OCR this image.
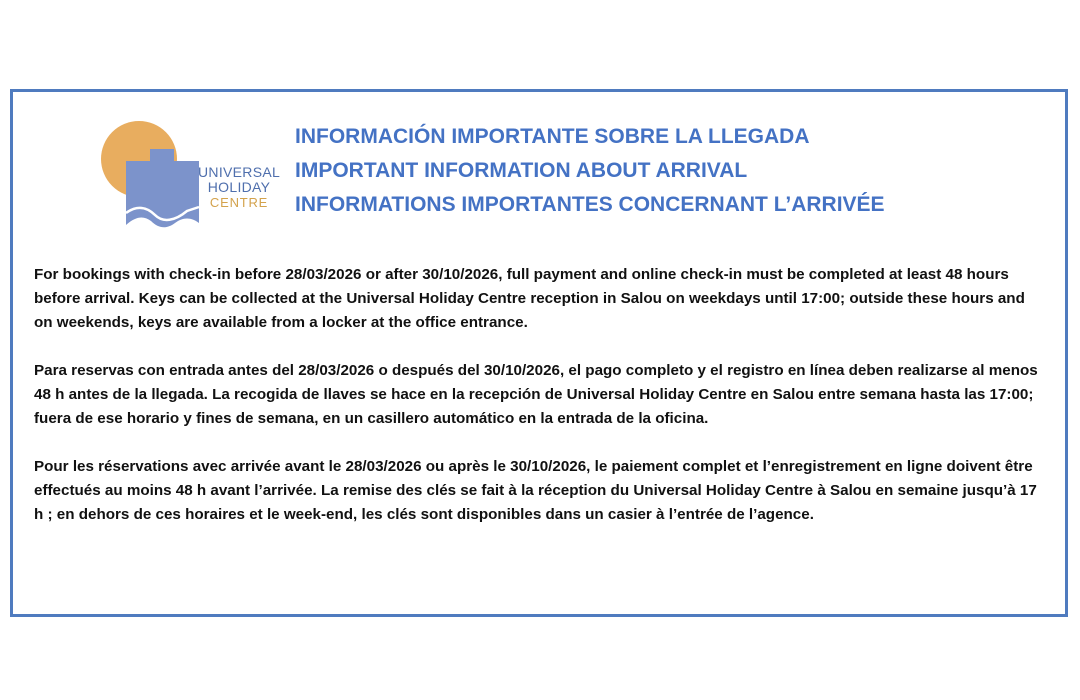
UNIVERSAL
HOLIDAY
CENTRE
INFORMACIÓN IMPORTANTE SOBRE LA LLEGADA
IMPORTANT INFORMATION ABOUT ARRIVAL
INFORMATIONS IMPORTANTES CONCERNANT L’ARRIVÉE

For bookings with check-in before 28/03/2026 or after 30/10/2026, full payment and online check-in must be completed at least 48 hours before arrival. Keys can be collected at the Universal Holiday Centre reception in Salou on weekdays until 17:00; outside these hours and on weekends, keys are available from a locker at the office entrance.

Para reservas con entrada antes del 28/03/2026 o después del 30/10/2026, el pago completo y el registro en línea deben realizarse al menos 48 h antes de la llegada. La recogida de llaves se hace en la recepción de Universal Holiday Centre en Salou entre semana hasta las 17:00; fuera de ese horario y fines de semana, en un casillero automático en la entrada de la oficina.

Pour les réservations avec arrivée avant le 28/03/2026 ou après le 30/10/2026, le paiement complet et l’enregistrement en ligne doivent être effectués au moins 48 h avant l’arrivée. La remise des clés se fait à la réception du Universal Holiday Centre à Salou en semaine jusqu’à 17 h ; en dehors de ces horaires et le week-end, les clés sont disponibles dans un casier à l’entrée de l’agence.
